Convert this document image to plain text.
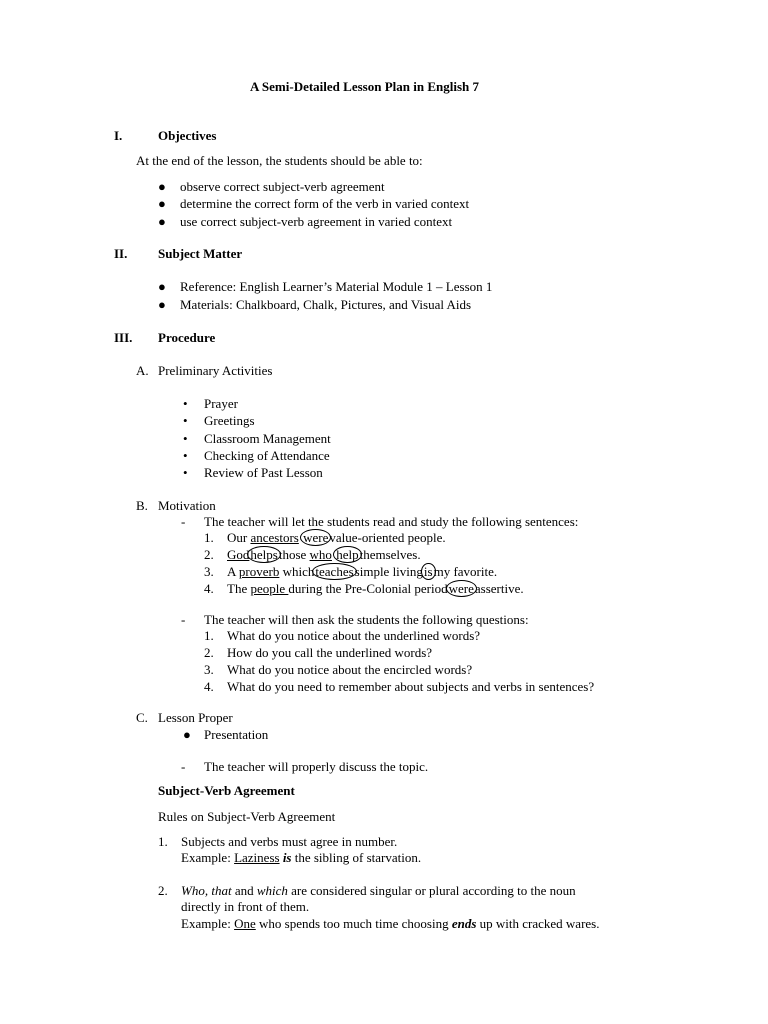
A Semi-Detailed Lesson Plan in English 7
I.	Objectives
At the end of the lesson, the students should be able to:
● observe correct subject-verb agreement
● determine the correct form of the verb in varied context
● use correct subject-verb agreement in varied context
II. Subject Matter
● Reference: English Learner’s Material Module 1 – Lesson 1
● Materials: Chalkboard, Chalk, Pictures, and Visual Aids
III. Procedure
A. Preliminary Activities
• Prayer
• Greetings
• Classroom Management
• Checking of Attendance
• Review of Past Lesson
B. Motivation
- The teacher will let the students read and study the following sentences:
1. Our ancestors werevalue-oriented people.
2. Godhelpsthose who helpthemselves.
3. A proverb whichteachessimple livingismy favorite.
4. The people during the Pre-Colonial periodwereassertive.
- The teacher will then ask the students the following questions:
1. What do you notice about the underlined words?
2. How do you call the underlined words?
3. What do you notice about the encircled words?
4. What do you need to remember about subjects and verbs in sentences?
C. Lesson Proper
● Presentation
- The teacher will properly discuss the topic.
Subject-Verb Agreement
Rules on Subject-Verb Agreement
1. Subjects and verbs must agree in number.
Example: Laziness is the sibling of starvation.
2. Who, that and which are considered singular or plural according to the noun
directly in front of them.
Example: One who spends too much time choosing ends up with cracked wares.
